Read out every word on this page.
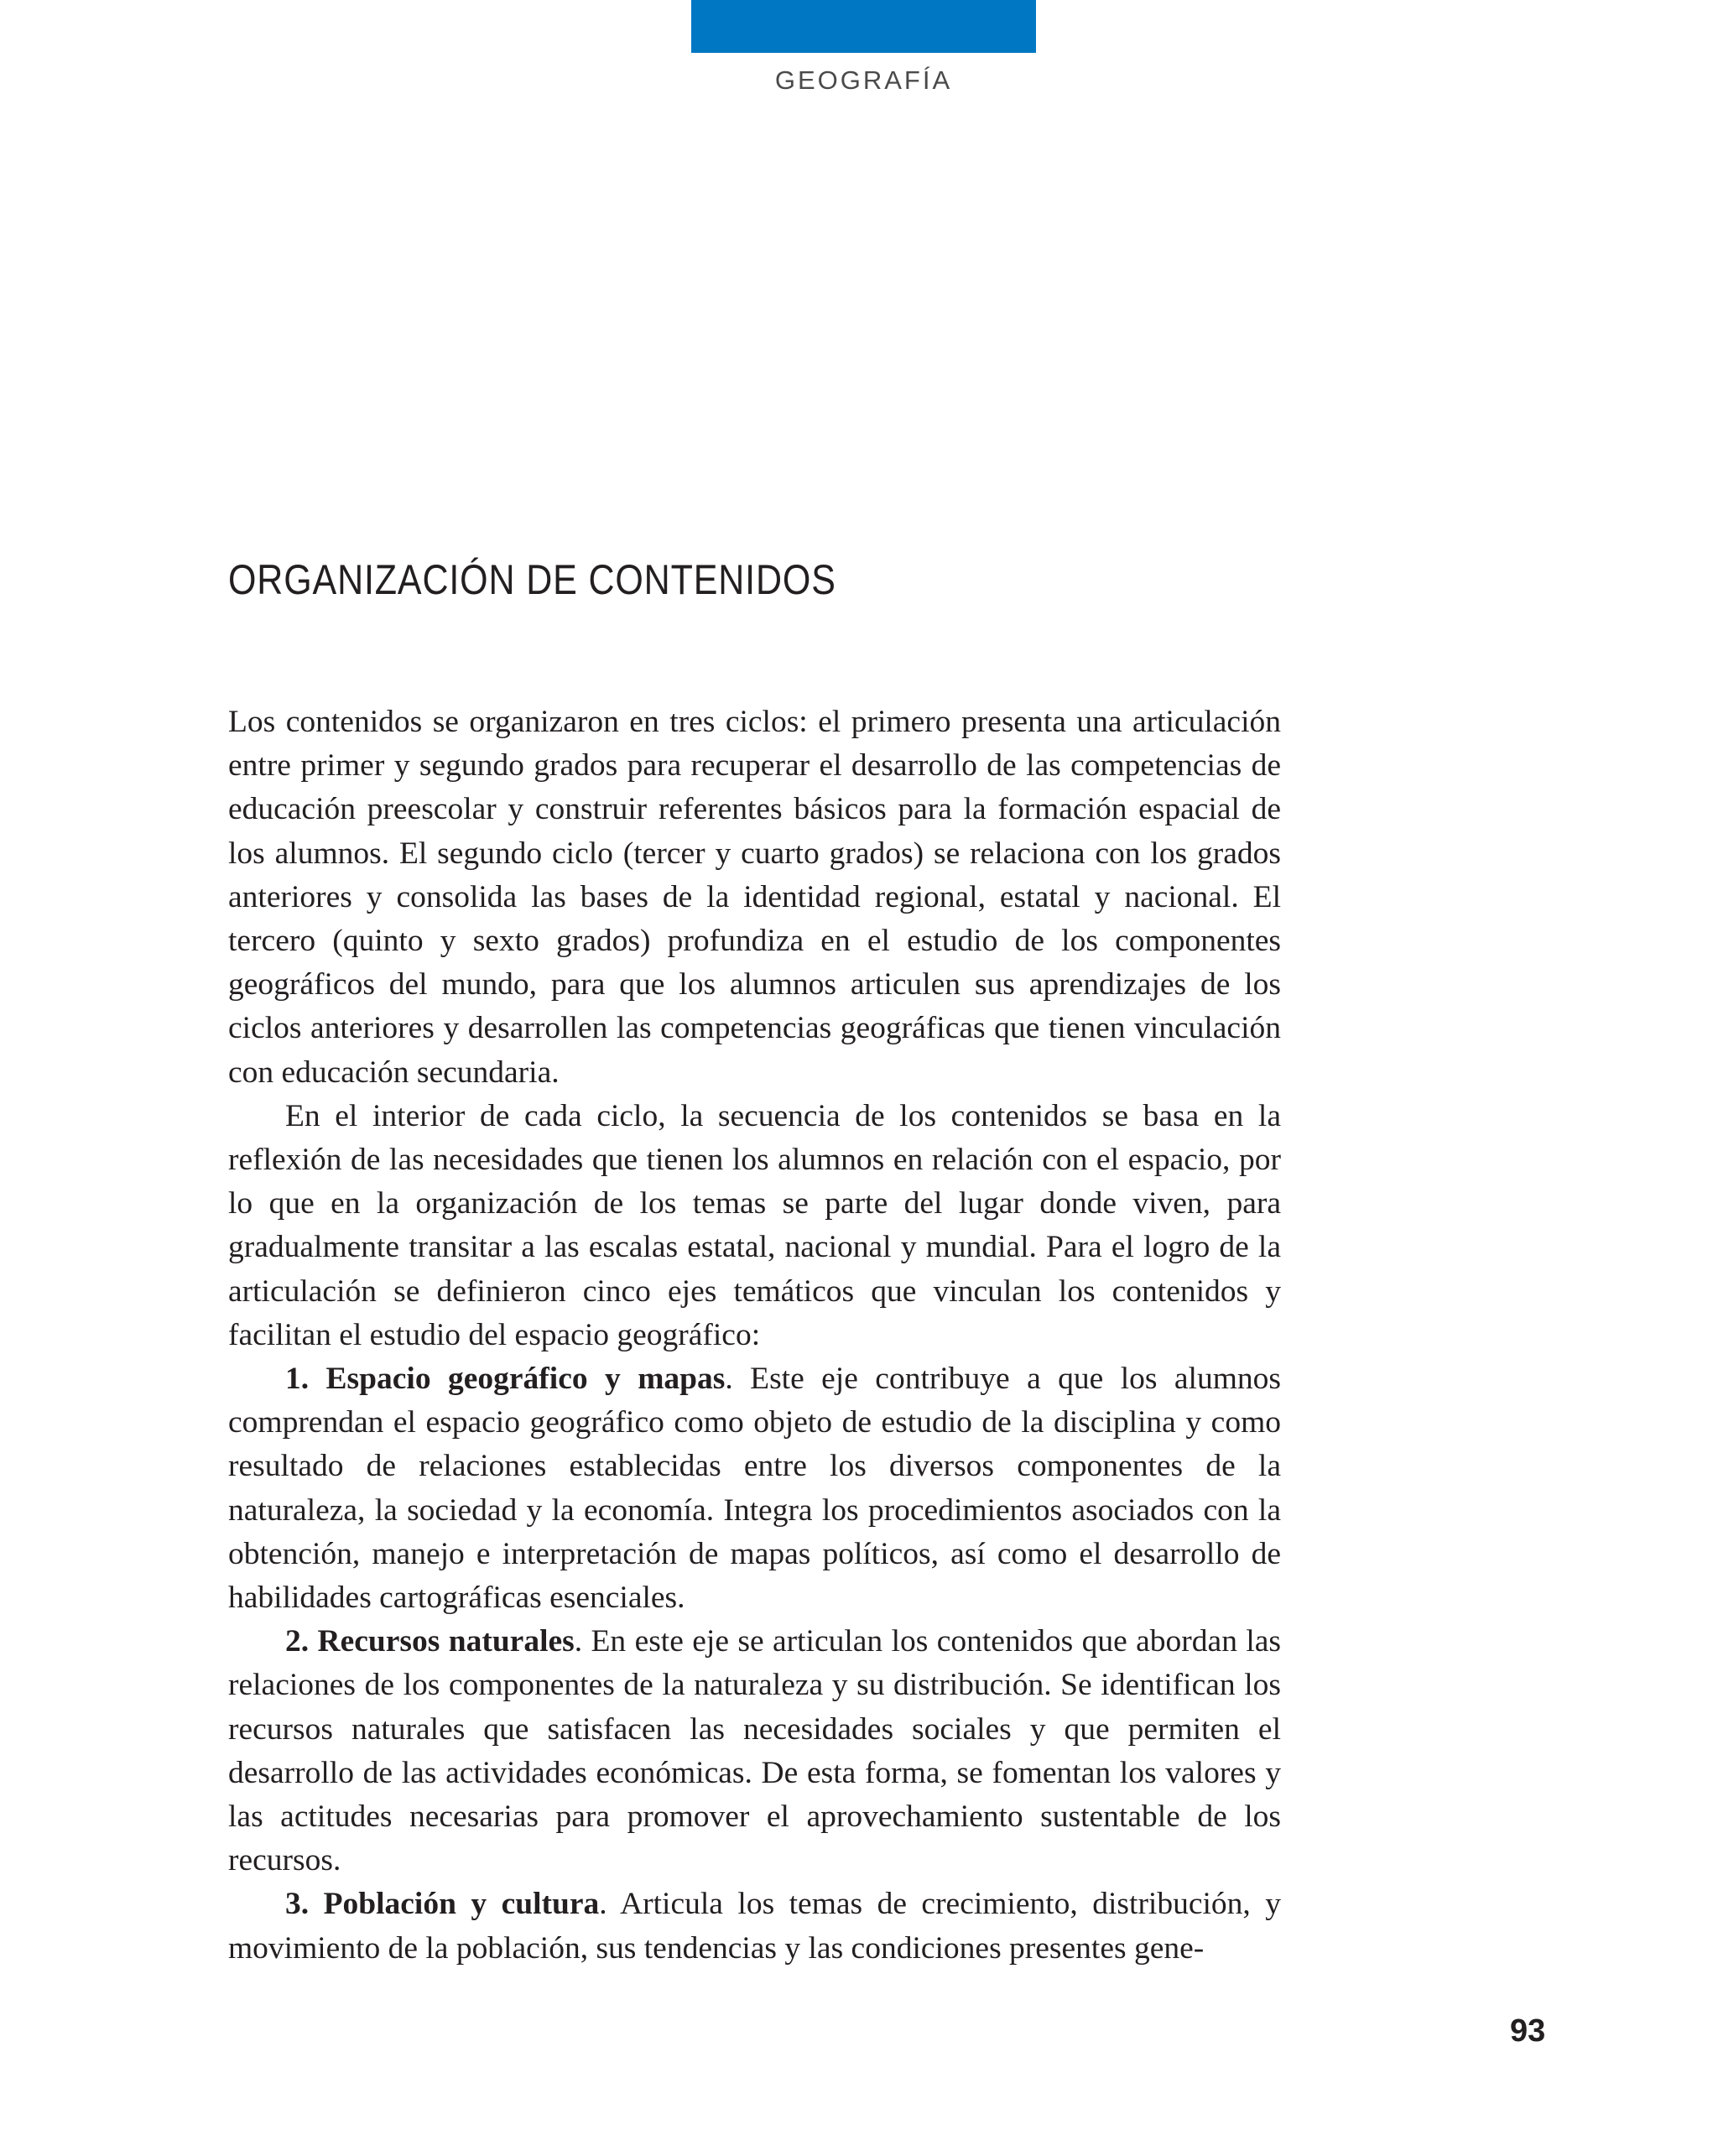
GEOGRAFÍA
ORGANIZACIÓN DE CONTENIDOS

Los contenidos se organizaron en tres ciclos: el primero presenta una articulación entre primer y segundo grados para recuperar el desarrollo de las competencias de educación preescolar y construir referentes básicos para la formación espacial de los alumnos. El segundo ciclo (tercer y cuarto grados) se relaciona con los grados anteriores y consolida las bases de la identidad regional, estatal y nacional. El tercero (quinto y sexto grados) profundiza en el estudio de los componentes geográficos del mundo, para que los alumnos articulen sus aprendizajes de los ciclos anteriores y desarrollen las competencias geográficas que tienen vinculación con educación secundaria.

En el interior de cada ciclo, la secuencia de los contenidos se basa en la reflexión de las necesidades que tienen los alumnos en relación con el espacio, por lo que en la organización de los temas se parte del lugar donde viven, para gradualmente transitar a las escalas estatal, nacional y mundial. Para el logro de la articulación se definieron cinco ejes temáticos que vinculan los contenidos y facilitan el estudio del espacio geográfico:

1. Espacio geográfico y mapas. Este eje contribuye a que los alumnos comprendan el espacio geográfico como objeto de estudio de la disciplina y como resultado de relaciones establecidas entre los diversos componentes de la naturaleza, la sociedad y la economía. Integra los procedimientos asociados con la obtención, manejo e interpretación de mapas políticos, así como el desarrollo de habilidades cartográficas esenciales.

2. Recursos naturales. En este eje se articulan los contenidos que abordan las relaciones de los componentes de la naturaleza y su distribución. Se identifican los recursos naturales que satisfacen las necesidades sociales y que permiten el desarrollo de las actividades económicas. De esta forma, se fomentan los valores y las actitudes necesarias para promover el aprovechamiento sustentable de los recursos.

3. Población y cultura. Articula los temas de crecimiento, distribución, y movimiento de la población, sus tendencias y las condiciones presentes gene-

93
